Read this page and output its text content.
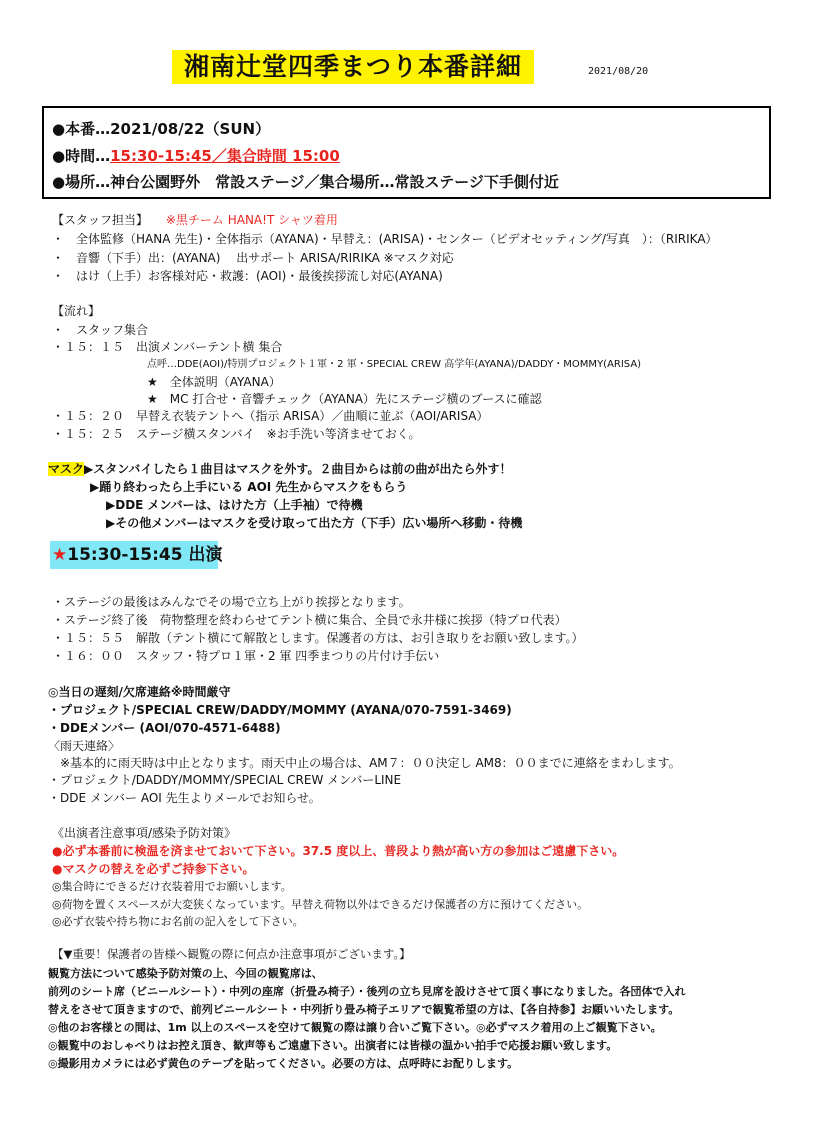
湘南辻堂四季まつり本番詳細	2021/08/20
●本番…2021/08/22（SUN）
●時間…15:30-15:45／集合時間 15:00
●場所…神台公園野外　常設ステージ／集合場所…常設ステージ下手側付近
【スタッフ担当】 ※黒チーム HANA!T シャツ着用
・　全体監修（HANA 先生)・全体指示（AYANA)・早替え：(ARISA)・センター（ビデオセッティング/写真　）：（RIRIKA）
・　音響（下手）出：(AYANA)　 出サポート ARISA/RIRIKA ※マスク対応
・　はけ（上手）お客様対応・救護：(AOI)・最後挨拶流し対応(AYANA)
【流れ】
・　スタッフ集合
・１５：１５　出演メンバーテント横 集合
点呼…DDE(AOI)/特別プロジェクト１軍・2 軍・SPECIAL CREW 高学年(AYANA)/DADDY・MOMMY(ARISA)
★　全体説明（AYANA）
★　MC 打合せ・音響チェック（AYANA）先にステージ横のブースに確認
・１５：２０　早替え衣装テントへ（指示 ARISA）／曲順に並ぶ（AOI/ARISA）
・１５：２５　ステージ横スタンバイ　※お手洗い等済ませておく。
マスク▶スタンバイしたら１曲目はマスクを外す。２曲目からは前の曲が出たら外す！
▶踊り終わったら上手にいる AOI 先生からマスクをもらう
▶DDE メンバーは、はけた方（上手袖）で待機
▶その他メンバーはマスクを受け取って出た方（下手）広い場所へ移動・待機
★15:30-15:45 出演
・ステージの最後はみんなでその場で立ち上がり挨拶となります。
・ステージ終了後　荷物整理を終わらせてテント横に集合、全員で永井様に挨拶（特プロ代表）
・１５：５５　解散（テント横にて解散とします。保護者の方は、お引き取りをお願い致します。）
・１６：００　スタッフ・特プロ１軍・2 軍 四季まつりの片付け手伝い
◎当日の遅刻/欠席連絡※時間厳守
・プロジェクト/SPECIAL CREW/DADDY/MOMMY (AYANA/070-7591-3469)
・DDEメンバー (AOI/070-4571-6488)
〈雨天連絡〉
※基本的に雨天時は中止となります。雨天中止の場合は、AM７：００決定し AM8：００までに連絡をまわします。
・プロジェクト/DADDY/MOMMY/SPECIAL CREW メンバーLINE
・DDE メンバー AOI 先生よりメールでお知らせ。
《出演者注意事項/感染予防対策》
●必ず本番前に検温を済ませておいて下さい。37.5 度以上、普段より熱が高い方の参加はご遠慮下さい。
●マスクの替えを必ずご持参下さい。
◎集合時にできるだけ衣装着用でお願いします。
◎荷物を置くスペースが大変狭くなっています。早替え荷物以外はできるだけ保護者の方に預けてください。
◎必ず衣装や持ち物にお名前の記入をして下さい。
【▼重要！保護者の皆様へ観覧の際に何点か注意事項がございます。】
観覧方法について感染予防対策の上、今回の観覧席は、
前列のシート席（ビニールシート）・中列の座席（折畳み椅子）・後列の立ち見席を設けさせて頂く事になりました。各団体で入れ
替えをさせて頂きますので、前列ビニールシート・中列折り畳み椅子エリアで観覧希望の方は、【各自持参】お願いいたします。
◎他のお客様との間は、1m 以上のスペースを空けて観覧の際は譲り合いご覧下さい。◎必ずマスク着用の上ご観覧下さい。
◎観覧中のおしゃべりはお控え頂き、歓声等もご遠慮下さい。出演者には皆様の温かい拍手で応援お願い致します。
◎撮影用カメラには必ず黄色のテープを貼ってください。必要の方は、点呼時にお配りします。
